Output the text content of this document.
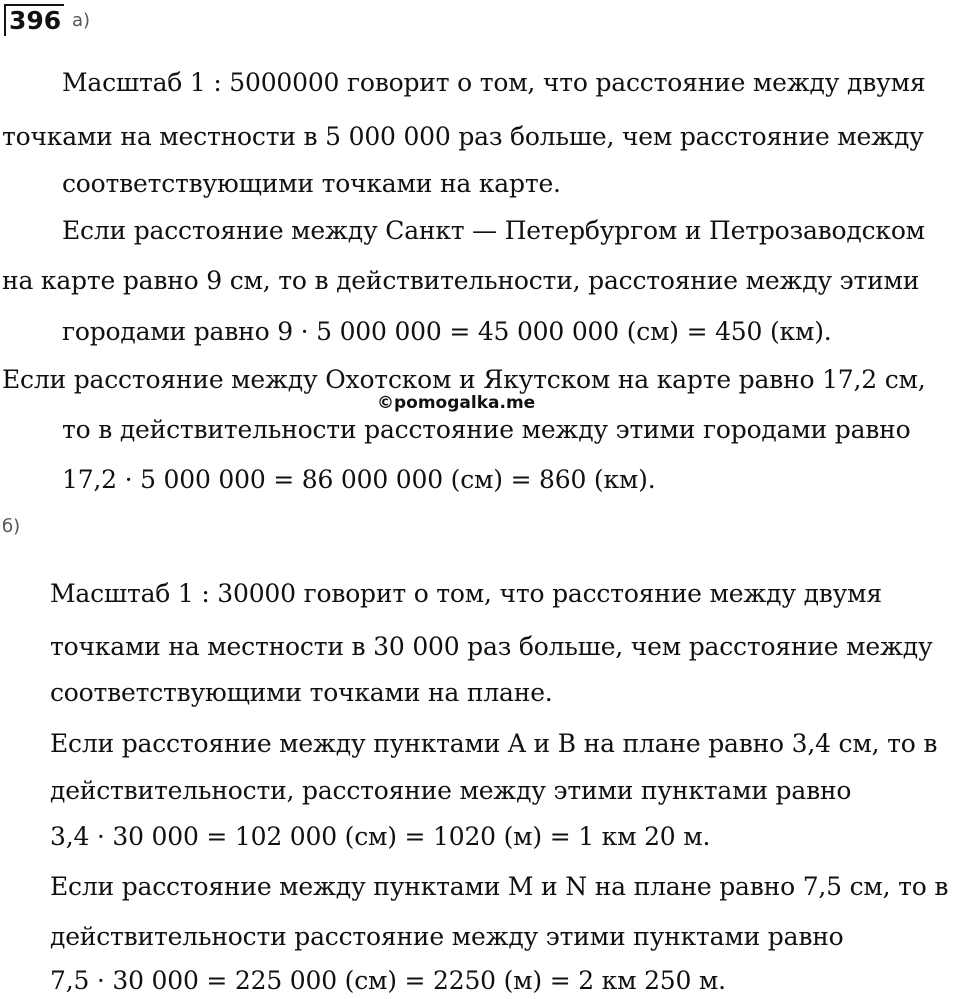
396 а)
Масштаб 1 : 5000000 говорит о том, что расстояние между двумя
точками на местности в 5 000 000 раз больше, чем расстояние между
соответствующими точками на карте.
Если расстояние между Санкт — Петербургом и Петрозаводском
на карте равно 9 см, то в действительности, расстояние между этими
городами равно 9 · 5 000 000 = 45 000 000 (см) = 450 (км).
Если расстояние между Охотском и Якутском на карте равно 17,2 см,
©pomogalka.me
то в действительности расстояние между этими городами равно
17,2 · 5 000 000 = 86 000 000 (см) = 860 (км).
б)
Масштаб 1 : 30000 говорит о том, что расстояние между двумя
точками на местности в 30 000 раз больше, чем расстояние между
соответствующими точками на плане.
Если расстояние между пунктами A и B на плане равно 3,4 см, то в
действительности, расстояние между этими пунктами равно
3,4 · 30 000 = 102 000 (см) = 1020 (м) = 1 км 20 м.
Если расстояние между пунктами M и N на плане равно 7,5 см, то в
действительности расстояние между этими пунктами равно
7,5 · 30 000 = 225 000 (см) = 2250 (м) = 2 км 250 м.
